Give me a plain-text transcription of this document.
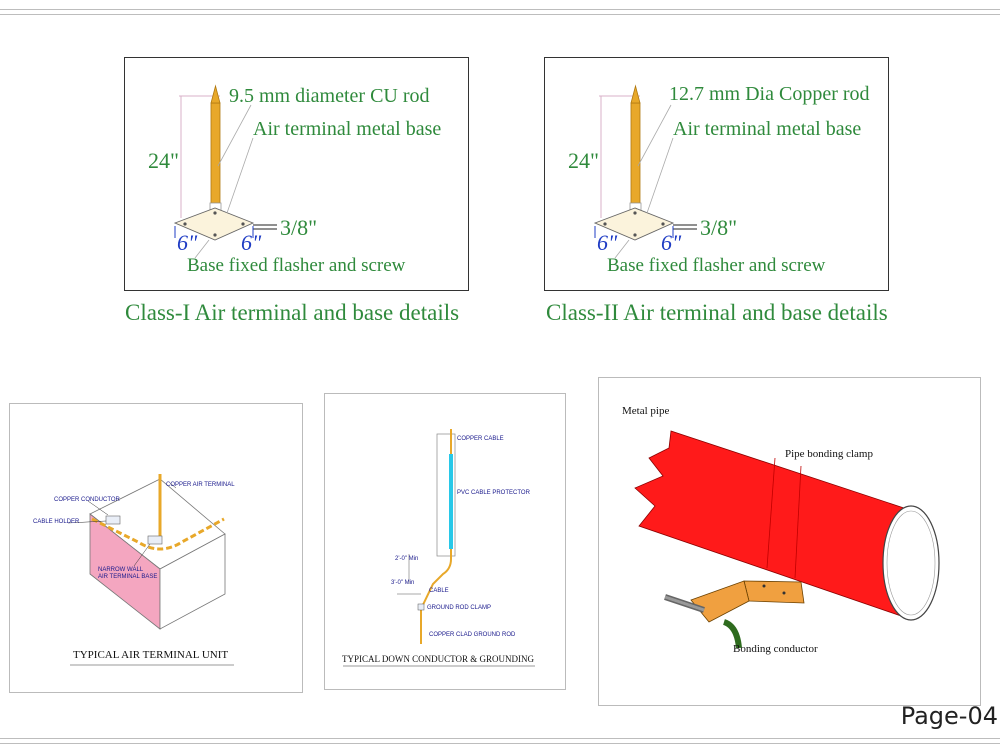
9.5 mm diameter CU rod
Air terminal metal base
24"
3/8"
6" 6"
Base fixed flasher and screw
Class-I Air terminal and base details
12.7 mm Dia Copper rod
Air terminal metal base
24"
3/8"
6" 6"
Base fixed flasher and screw
Class-II Air terminal and base details
COPPER AIR TERMINAL
COPPER CONDUCTOR
CABLE HOLDER
NARROW WALL
AIR TERMINAL BASE
TYPICAL AIR TERMINAL UNIT
COPPER CABLE
PVC CABLE PROTECTOR
2'-0" Min
3'-0" Min
CABLE
GROUND ROD CLAMP
COPPER CLAD GROUND ROD
TYPICAL DOWN CONDUCTOR & GROUNDING
Metal pipe
Pipe bonding clamp
Bonding conductor
Page-04
